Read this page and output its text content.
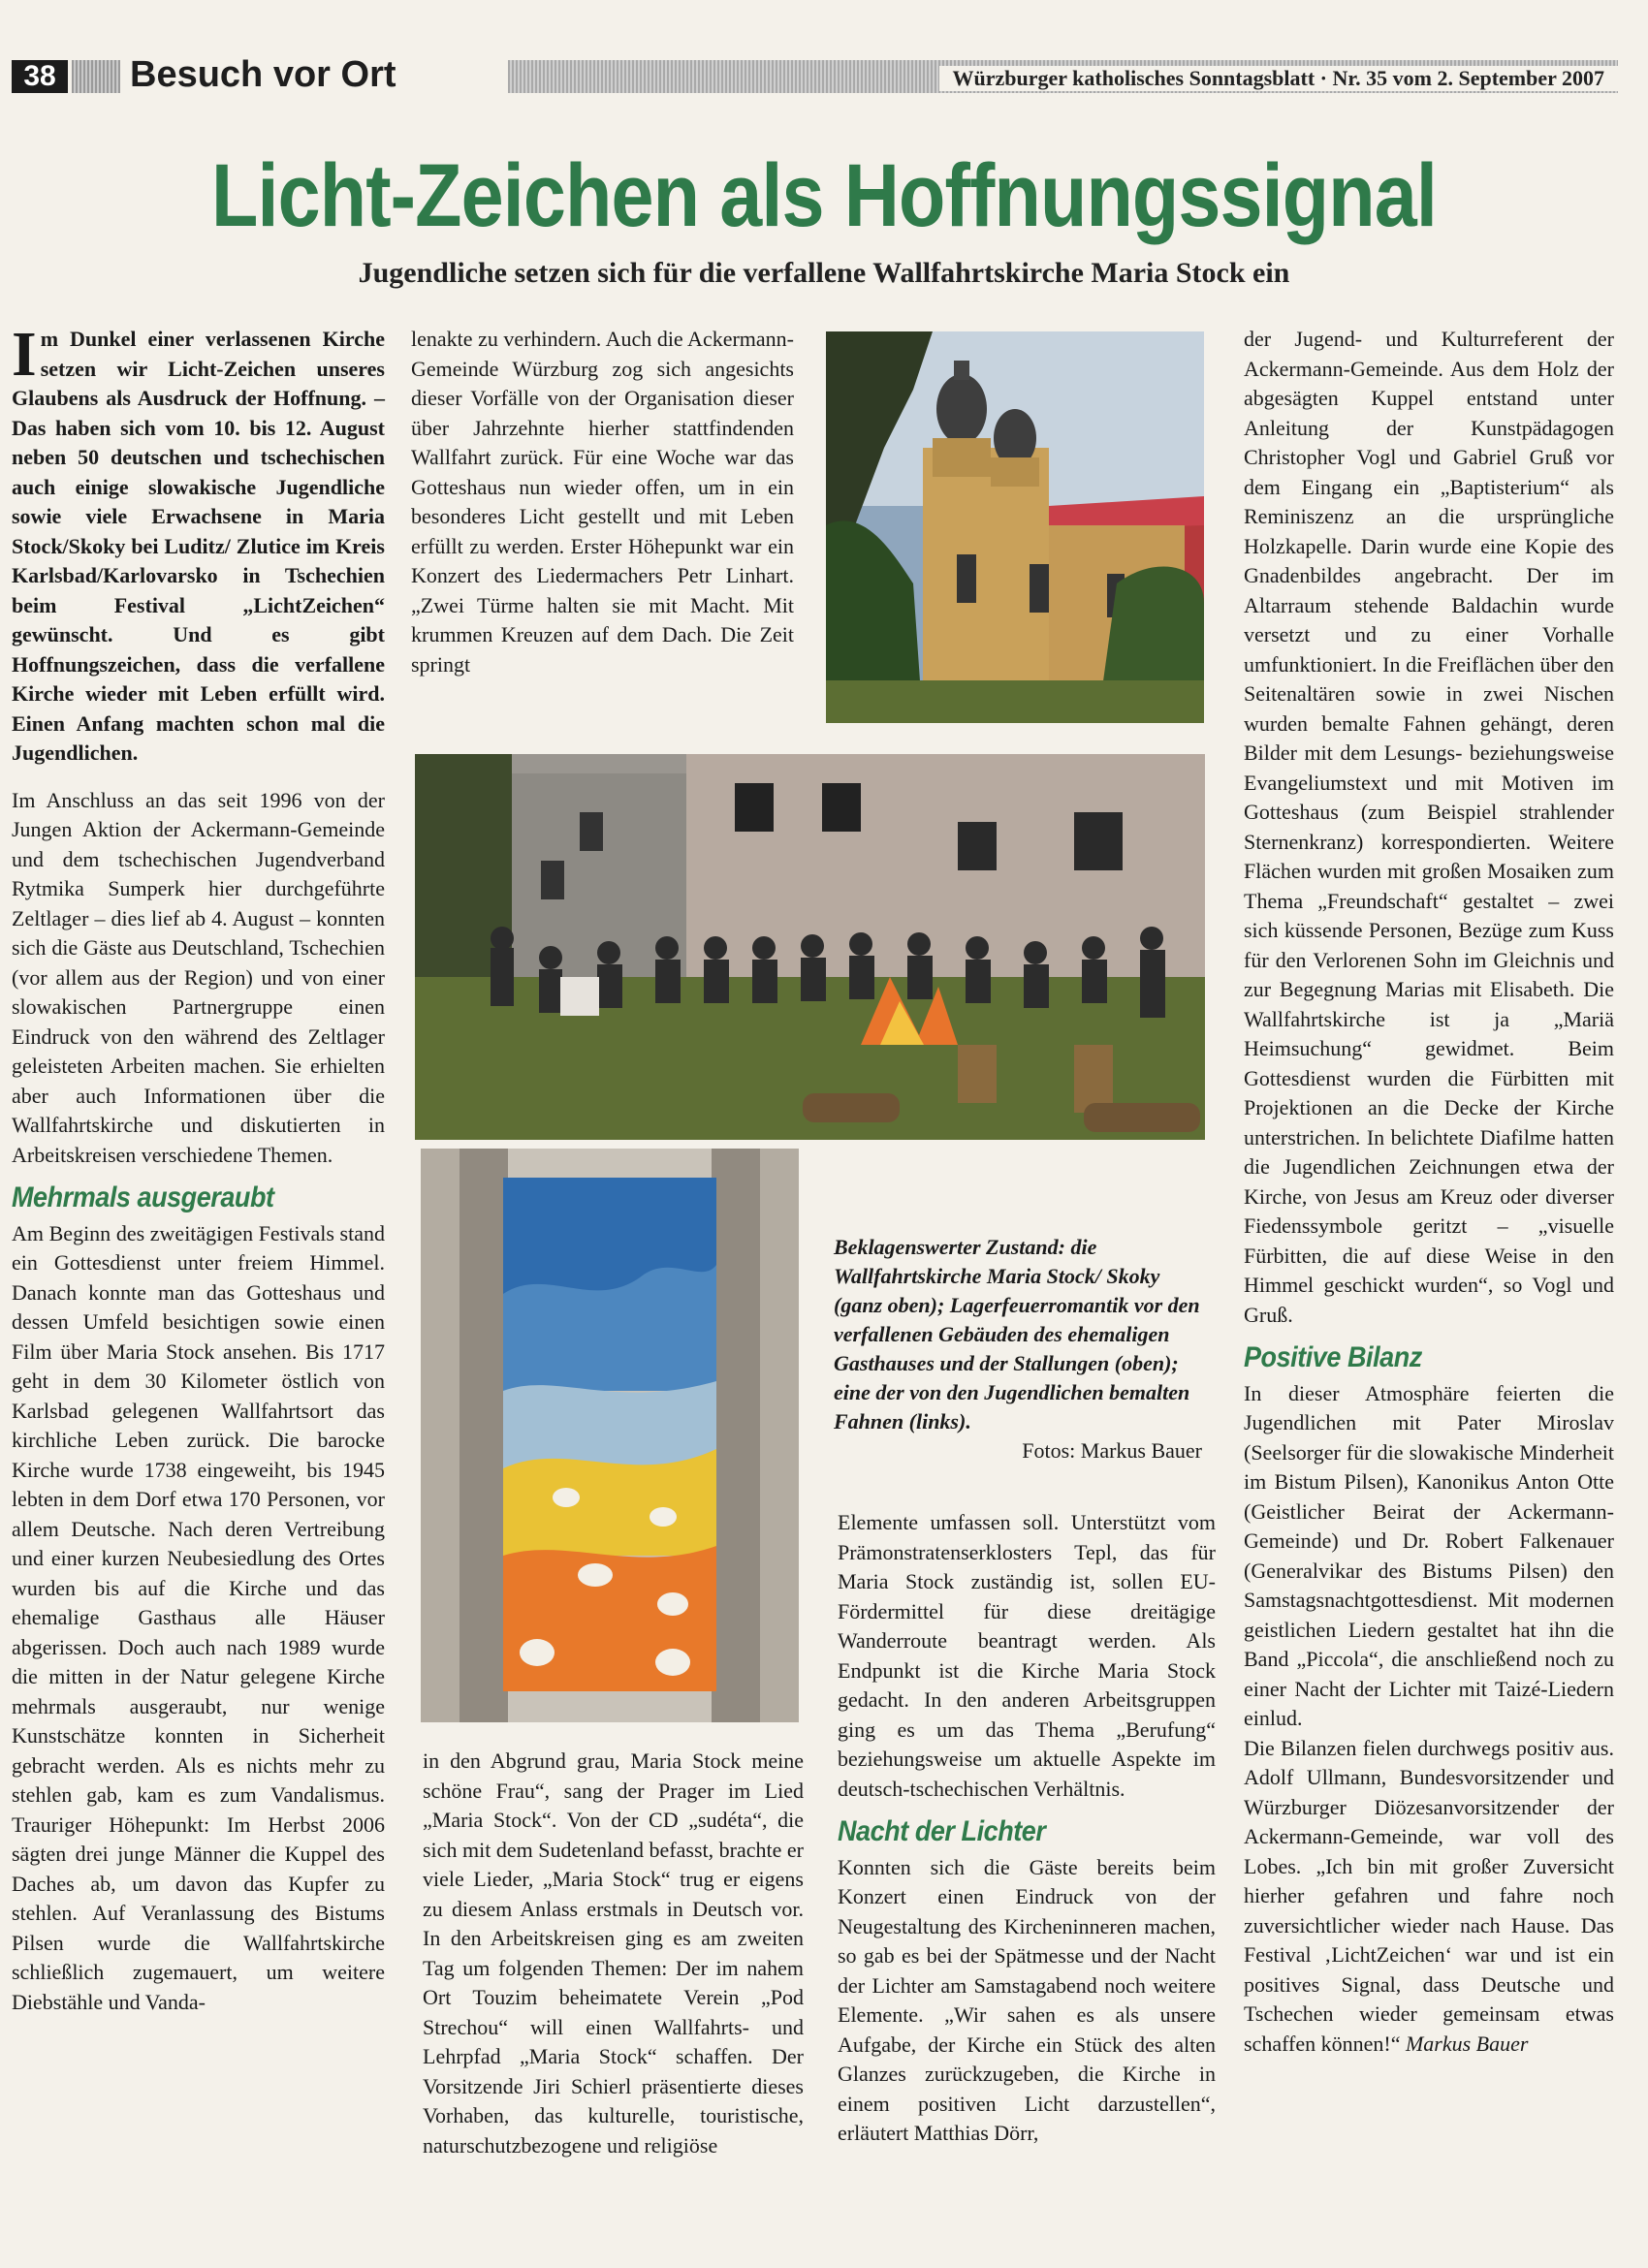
38	Besuch vor Ort	Würzburger katholisches Sonntagsblatt · Nr. 35 vom 2. September 2007
Licht-Zeichen als Hoffnungssignal
Jugendliche setzen sich für die verfallene Wallfahrtskirche Maria Stock ein

Im Dunkel einer verlassenen Kirche setzen wir Licht-Zeichen unseres Glaubens als Ausdruck der Hoffnung. – Das haben sich vom 10. bis 12. August neben 50 deutschen und tschechischen auch einige slowakische Jugendliche sowie viele Erwachsene in Maria Stock/Skoky bei Luditz/ Zlutice im Kreis Karlsbad/Karlovarsko in Tschechien beim Festival „LichtZeichen“ gewünscht. Und es gibt Hoffnungszeichen, dass die verfallene Kirche wieder mit Leben erfüllt wird. Einen Anfang machten schon mal die Jugendlichen.

Im Anschluss an das seit 1996 von der Jungen Aktion der Ackermann-Gemeinde und dem tschechischen Jugendverband Rytmika Sumperk hier durchgeführte Zeltlager – dies lief ab 4. August – konnten sich die Gäste aus Deutschland, Tschechien (vor allem aus der Region) und von einer slowakischen Partnergruppe einen Eindruck von den während des Zeltlager geleisteten Arbeiten machen. Sie erhielten aber auch Informationen über die Wallfahrtskirche und diskutierten in Arbeitskreisen verschiedene Themen.

Mehrmals ausgeraubt

Am Beginn des zweitägigen Festivals stand ein Gottesdienst unter freiem Himmel. Danach konnte man das Gotteshaus und dessen Umfeld besichtigen sowie einen Film über Maria Stock ansehen. Bis 1717 geht in dem 30 Kilometer östlich von Karlsbad gelegenen Wallfahrtsort das kirchliche Leben zurück. Die barocke Kirche wurde 1738 eingeweiht, bis 1945 lebten in dem Dorf etwa 170 Personen, vor allem Deutsche. Nach deren Vertreibung und einer kurzen Neubesiedlung des Ortes wurden bis auf die Kirche und das ehemalige Gasthaus alle Häuser abgerissen. Doch auch nach 1989 wurde die mitten in der Natur gelegene Kirche mehrmals ausgeraubt, nur wenige Kunstschätze konnten in Sicherheit gebracht werden. Als es nichts mehr zu stehlen gab, kam es zum Vandalismus. Trauriger Höhepunkt: Im Herbst 2006 sägten drei junge Männer die Kuppel des Daches ab, um davon das Kupfer zu stehlen. Auf Veranlassung des Bistums Pilsen wurde die Wallfahrtskirche schließlich zugemauert, um weitere Diebstähle und Vanda-

lenakte zu verhindern. Auch die Ackermann-Gemeinde Würzburg zog sich angesichts dieser Vorfälle von der Organisation dieser über Jahrzehnte hierher stattfindenden Wallfahrt zurück. Für eine Woche war das Gotteshaus nun wieder offen, um in ein besonderes Licht gestellt und mit Leben erfüllt zu werden. Erster Höhepunkt war ein Konzert des Liedermachers Petr Linhart. „Zwei Türme halten sie mit Macht. Mit krummen Kreuzen auf dem Dach. Die Zeit springt

in den Abgrund grau, Maria Stock meine schöne Frau“, sang der Prager im Lied „Maria Stock“. Von der CD „sudéta“, die sich mit dem Sudetenland befasst, brachte er viele Lieder, „Maria Stock“ trug er eigens zu diesem Anlass erstmals in Deutsch vor. In den Arbeitskreisen ging es am zweiten Tag um folgenden Themen: Der im nahem Ort Touzim beheimatete Verein „Pod Strechou“ will einen Wallfahrts- und Lehrpfad „Maria Stock“ schaffen. Der Vorsitzende Jiri Schierl präsentierte dieses Vorhaben, das kulturelle, touristische, naturschutzbezogene und religiöse

Beklagenswerter Zustand: die Wallfahrtskirche Maria Stock/ Skoky (ganz oben); Lagerfeuerromantik vor den verfallenen Gebäuden des ehemaligen Gasthauses und der Stallungen (oben); eine der von den Jugendlichen bemalten Fahnen (links).

Fotos: Markus Bauer

Elemente umfassen soll. Unterstützt vom Prämonstratenserklosters Tepl, das für Maria Stock zuständig ist, sollen EU-Fördermittel für diese dreitägige Wanderroute beantragt werden. Als Endpunkt ist die Kirche Maria Stock gedacht. In den anderen Arbeitsgruppen ging es um das Thema „Berufung“ beziehungsweise um aktuelle Aspekte im deutsch-tschechischen Verhältnis.

Nacht der Lichter

Konnten sich die Gäste bereits beim Konzert einen Eindruck von der Neugestaltung des Kircheninneren machen, so gab es bei der Spätmesse und der Nacht der Lichter am Samstagabend noch weitere Elemente. „Wir sahen es als unsere Aufgabe, der Kirche ein Stück des alten Glanzes zurückzugeben, die Kirche in einem positiven Licht darzustellen“, erläutert Matthias Dörr,

der Jugend- und Kulturreferent der Ackermann-Gemeinde. Aus dem Holz der abgesägten Kuppel entstand unter Anleitung der Kunstpädagogen Christopher Vogl und Gabriel Gruß vor dem Eingang ein „Baptisterium“ als Reminiszenz an die ursprüngliche Holzkapelle. Darin wurde eine Kopie des Gnadenbildes angebracht. Der im Altarraum stehende Baldachin wurde versetzt und zu einer Vorhalle umfunktioniert. In die Freiflächen über den Seitenaltären sowie in zwei Nischen wurden bemalte Fahnen gehängt, deren Bilder mit dem Lesungs- beziehungsweise Evangeliumstext und mit Motiven im Gotteshaus (zum Beispiel strahlender Sternenkranz) korrespondierten. Weitere Flächen wurden mit großen Mosaiken zum Thema „Freundschaft“ gestaltet – zwei sich küssende Personen, Bezüge zum Kuss für den Verlorenen Sohn im Gleichnis und zur Begegnung Marias mit Elisabeth. Die Wallfahrtskirche ist ja „Mariä Heimsuchung“ gewidmet. Beim Gottesdienst wurden die Fürbitten mit Projektionen an die Decke der Kirche unterstrichen. In belichtete Diafilme hatten die Jugendlichen Zeichnungen etwa der Kirche, von Jesus am Kreuz oder diverser Fiedenssymbole geritzt – „visuelle Fürbitten, die auf diese Weise in den Himmel geschickt wurden“, so Vogl und Gruß.

Positive Bilanz

In dieser Atmosphäre feierten die Jugendlichen mit Pater Miroslav (Seelsorger für die slowakische Minderheit im Bistum Pilsen), Kanonikus Anton Otte (Geistlicher Beirat der Ackermann-Gemeinde) und Dr. Robert Falkenauer (Generalvikar des Bistums Pilsen) den Samstagsnachtgottesdienst. Mit modernen geistlichen Liedern gestaltet hat ihn die Band „Piccola“, die anschließend noch zu einer Nacht der Lichter mit Taizé-Liedern einlud.

Die Bilanzen fielen durchwegs positiv aus. Adolf Ullmann, Bundesvorsitzender und Würzburger Diözesanvorsitzender der Ackermann-Gemeinde, war voll des Lobes. „Ich bin mit großer Zuversicht hierher gefahren und fahre noch zuversichtlicher wieder nach Hause. Das Festival ‚LichtZeichen‘ war und ist ein positives Signal, dass Deutsche und Tschechen wieder gemeinsam etwas schaffen können!“ Markus Bauer
